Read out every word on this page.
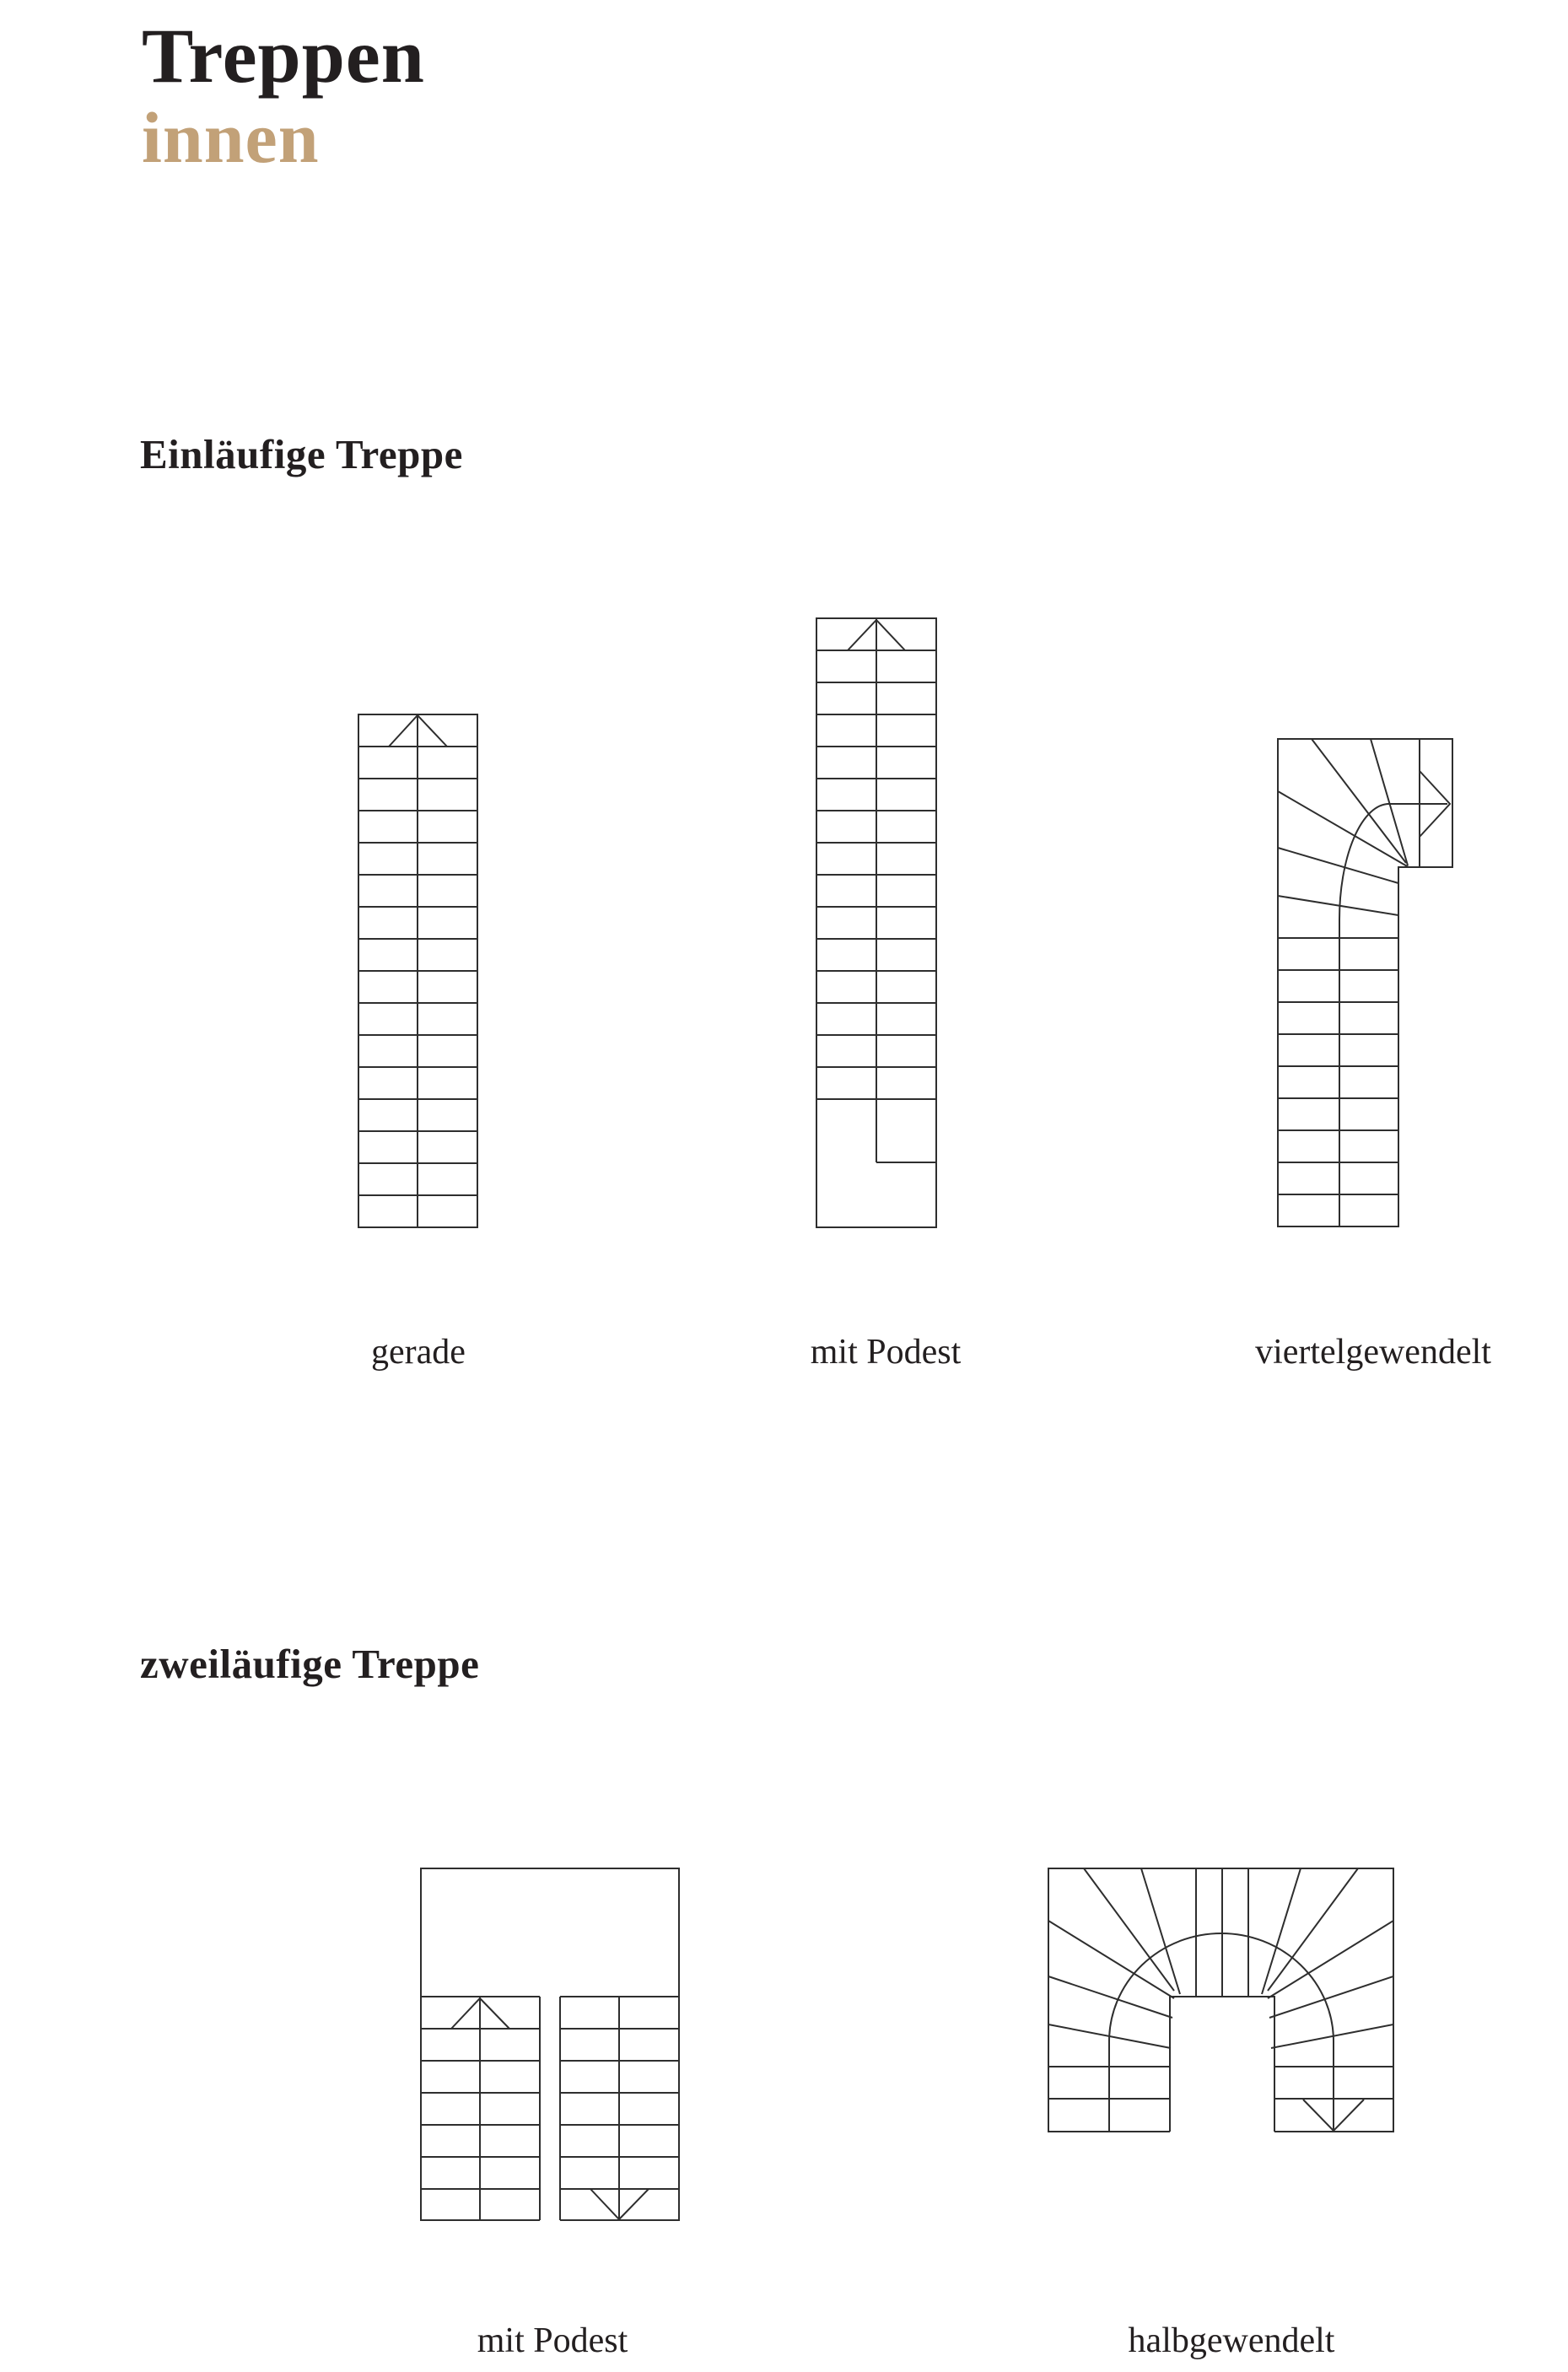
Treppen
innen
Einläufige Treppe
zweiläufige Treppe
gerade	mit Podest	viertelgewendelt
mit Podest	halbgewendelt
